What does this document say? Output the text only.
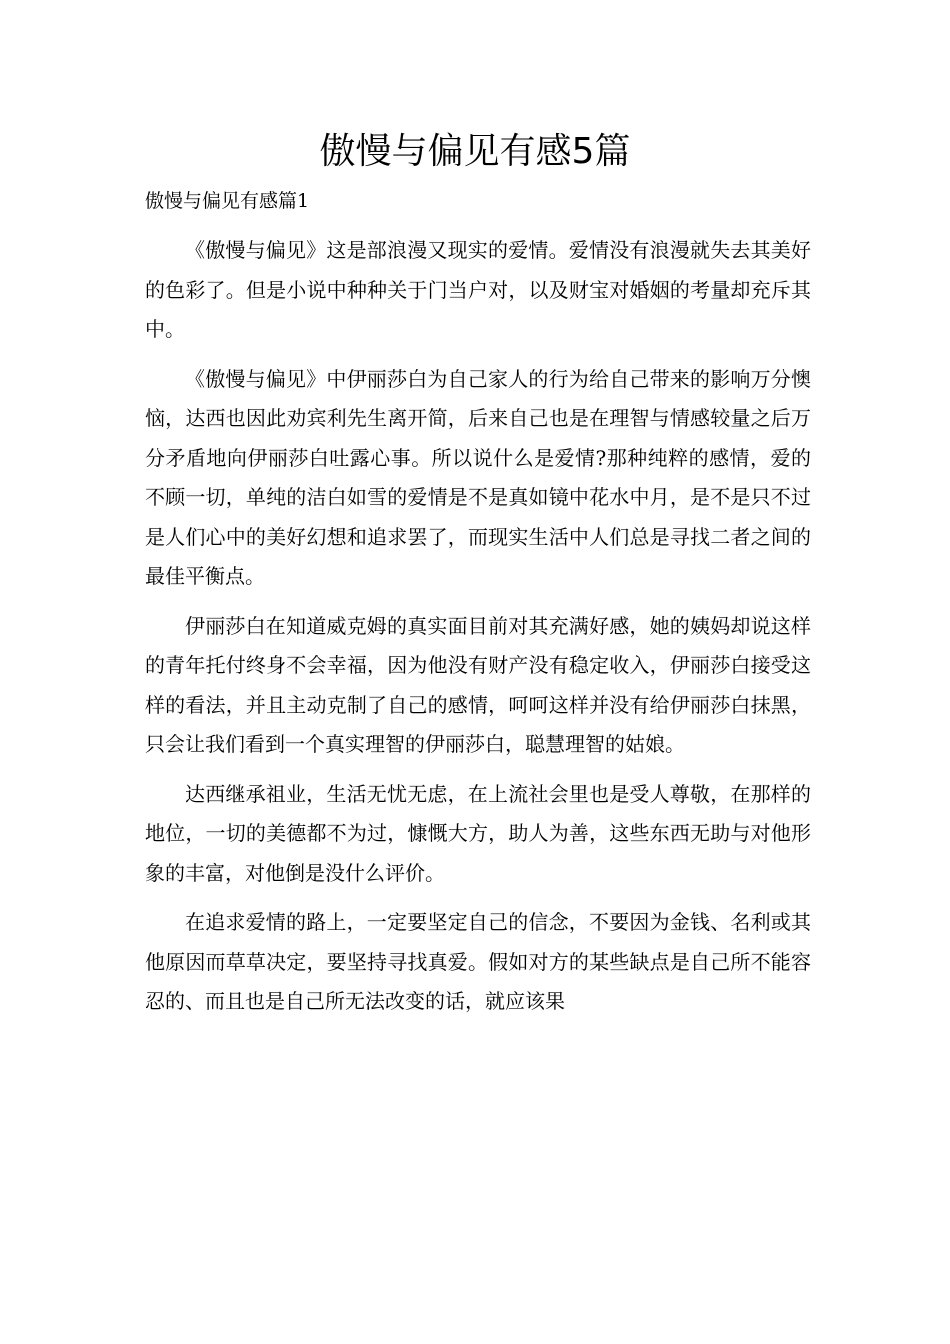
傲慢与偏见有感5篇
傲慢与偏见有感篇1

《傲慢与偏见》这是部浪漫又现实的爱情。爱情没有浪漫就失去其美好的色彩了。但是小说中种种关于门当户对，以及财宝对婚姻的考量却充斥其中。

《傲慢与偏见》中伊丽莎白为自己家人的行为给自己带来的影响万分懊恼，达西也因此劝宾利先生离开简，后来自己也是在理智与情感较量之后万分矛盾地向伊丽莎白吐露心事。所以说什么是爱情?那种纯粹的感情，爱的不顾一切，单纯的洁白如雪的爱情是不是真如镜中花水中月，是不是只不过是人们心中的美好幻想和追求罢了，而现实生活中人们总是寻找二者之间的最佳平衡点。

伊丽莎白在知道威克姆的真实面目前对其充满好感，她的姨妈却说这样的青年托付终身不会幸福，因为他没有财产没有稳定收入，伊丽莎白接受这样的看法，并且主动克制了自己的感情，呵呵这样并没有给伊丽莎白抹黑，只会让我们看到一个真实理智的伊丽莎白，聪慧理智的姑娘。

达西继承祖业，生活无忧无虑，在上流社会里也是受人尊敬，在那样的地位，一切的美德都不为过，慷慨大方，助人为善，这些东西无助与对他形象的丰富，对他倒是没什么评价。

在追求爱情的路上，一定要坚定自己的信念，不要因为金钱、名利或其他原因而草草决定，要坚持寻找真爱。假如对方的某些缺点是自己所不能容忍的、而且也是自己所无法改变的话，就应该果
